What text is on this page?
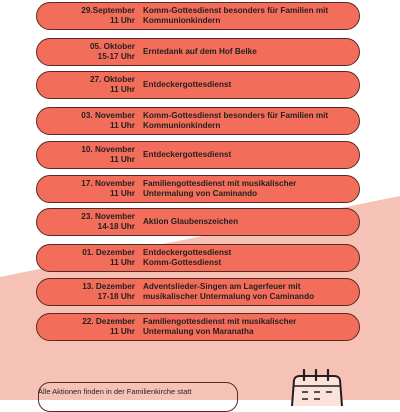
29.September
11 Uhr
Komm-Gottesdienst besonders für Familien mit
Kommunionkindern
05. Oktober
15-17 Uhr
Erntedank auf dem Hof Belke
27. Oktober
11 Uhr
Entdeckergottesdienst
03. November
11 Uhr
Komm-Gottesdienst besonders für Familien mit
Kommunionkindern
10. November
11 Uhr
Entdeckergottesdienst
17. November
11 Uhr
Familiengottesdienst mit musikalischer
Untermalung von Caminando
23. November
14-18 Uhr
Aktion Glaubenszeichen
01. Dezember
11 Uhr
Entdeckergottesdienst
Komm-Gottesdienst
13. Dezember
17-18 Uhr
Adventslieder-Singen am Lagerfeuer mit
musikalischer Untermalung von Caminando
22. Dezember
11 Uhr
Familiengottesdienst mit musikalischer
Untermalung von Maranatha
Alle Aktionen finden in der Familienkirche statt
